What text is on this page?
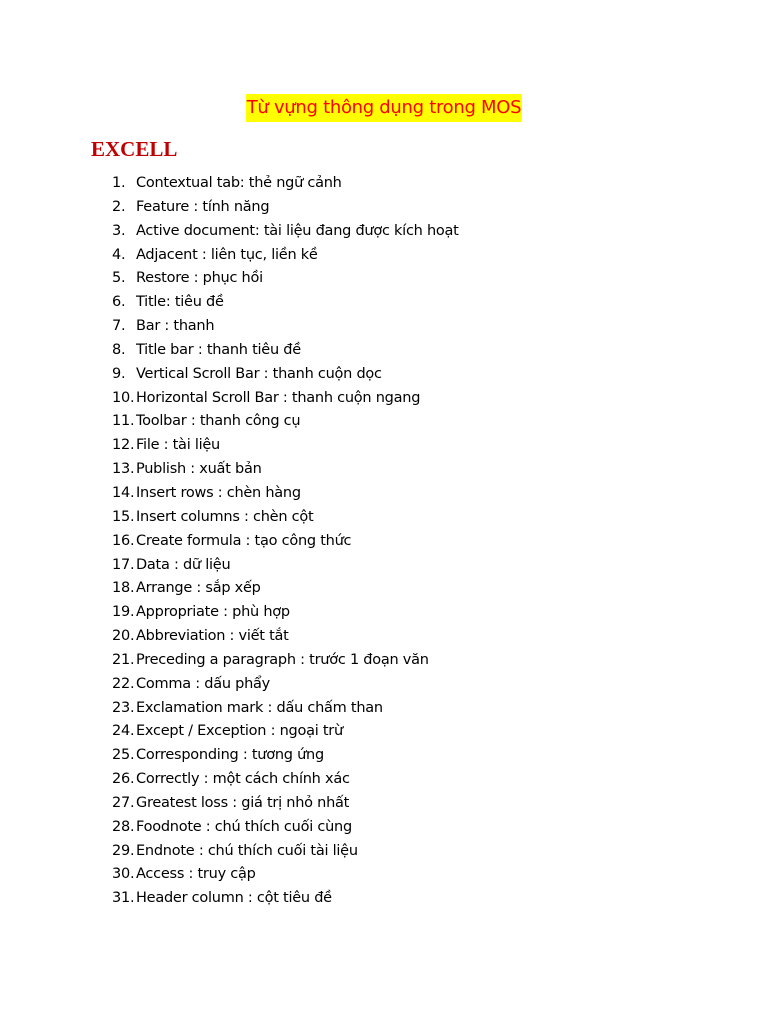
Từ vựng thông dụng trong MOS
EXCELL
1. Contextual tab: thẻ ngữ cảnh
2. Feature : tính năng
3. Active document: tài liệu đang được kích hoạt
4. Adjacent : liên tục, liền kề
5. Restore : phục hồi
6. Title: tiêu đề
7. Bar : thanh
8. Title bar : thanh tiêu đề
9. Vertical Scroll Bar : thanh cuộn dọc
10. Horizontal Scroll Bar : thanh cuộn ngang
11. Toolbar : thanh công cụ
12. File : tài liệu
13. Publish : xuất bản
14. Insert rows : chèn hàng
15. Insert columns : chèn cột
16. Create formula : tạo công thức
17. Data : dữ liệu
18. Arrange : sắp xếp
19. Appropriate : phù hợp
20. Abbreviation : viết tắt
21. Preceding a paragraph : trước 1 đoạn văn
22. Comma : dấu phẩy
23. Exclamation mark : dấu chấm than
24. Except / Exception : ngoại trừ
25. Corresponding : tương ứng
26. Correctly : một cách chính xác
27. Greatest loss : giá trị nhỏ nhất
28. Foodnote : chú thích cuối cùng
29. Endnote : chú thích cuối tài liệu
30. Access : truy cập
31. Header column : cột tiêu đề
